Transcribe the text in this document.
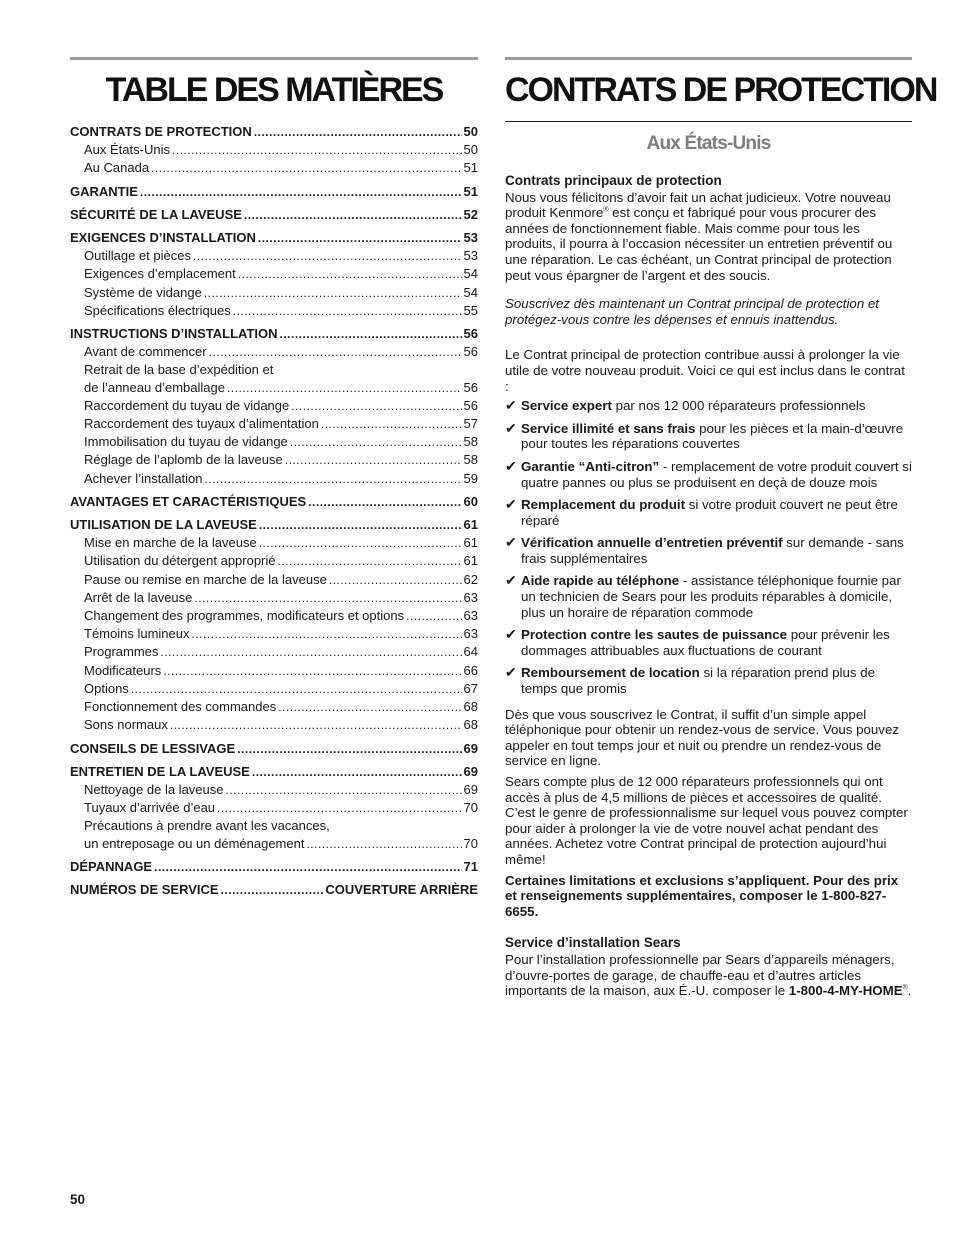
TABLE DES MATIÈRES
CONTRATS DE PROTECTION .....	50
Aux États-Unis .....	50
Au Canada .....	51
GARANTIE .....	51
SÉCURITÉ DE LA LAVEUSE .....	52
EXIGENCES D’INSTALLATION .....	53
Outillage et pièces .....	53
Exigences d’emplacement .....	54
Système de vidange .....	54
Spécifications électriques .....	55
INSTRUCTIONS D’INSTALLATION .....	56
Avant de commencer .....	56
Retrait de la base d’expédition et
de l’anneau d’emballage .....	56
Raccordement du tuyau de vidange .....	56
Raccordement des tuyaux d’alimentation .....	57
Immobilisation du tuyau de vidange .....	58
Réglage de l’aplomb de la laveuse .....	58
Achever l’installation .....	59
AVANTAGES ET CARACTÉRISTIQUES .....	60
UTILISATION DE LA LAVEUSE .....	61
Mise en marche de la laveuse .....	61
Utilisation du détergent approprié .....	61
Pause ou remise en marche de la laveuse .....	62
Arrêt de la laveuse .....	63
Changement des programmes, modificateurs et options .....	63
Témoins lumineux .....	63
Programmes .....	64
Modificateurs .....	66
Options .....	67
Fonctionnement des commandes .....	68
Sons normaux .....	68
CONSEILS DE LESSIVAGE .....	69
ENTRETIEN DE LA LAVEUSE .....	69
Nettoyage de la laveuse .....	69
Tuyaux d’arrivée d’eau .....	70
Précautions à prendre avant les vacances,
un entreposage ou un déménagement .....	70
DÉPANNAGE .....	71
NUMÉROS DE SERVICE .....	COUVERTURE ARRIÈRE
CONTRATS DE PROTECTION
Aux États-Unis
Contrats principaux de protection

Nous vous félicitons d’avoir fait un achat judicieux. Votre nouveau produit Kenmore® est conçu et fabriqué pour vous procurer des années de fonctionnement fiable. Mais comme pour tous les produits, il pourra à l’occasion nécessiter un entretien préventif ou une réparation. Le cas échéant, un Contrat principal de protection peut vous épargner de l’argent et des soucis.

Souscrivez dès maintenant un Contrat principal de protection et protégez-vous contre les dépenses et ennuis inattendus.

Le Contrat principal de protection contribue aussi à prolonger la vie utile de votre nouveau produit. Voici ce qui est inclus dans le contrat :

✔ Service expert par nos 12 000 réparateurs professionnels
✔ Service illimité et sans frais pour les pièces et la main-d’œuvre pour toutes les réparations couvertes
✔ Garantie “Anti-citron” - remplacement de votre produit couvert si quatre pannes ou plus se produisent en deçà de douze mois
✔ Remplacement du produit si votre produit couvert ne peut être réparé
✔ Vérification annuelle d’entretien préventif sur demande - sans frais supplémentaires
✔ Aide rapide au téléphone - assistance téléphonique fournie par un technicien de Sears pour les produits réparables à domicile, plus un horaire de réparation commode
✔ Protection contre les sautes de puissance pour prévenir les dommages attribuables aux fluctuations de courant
✔ Remboursement de location si la réparation prend plus de temps que promis

Dès que vous souscrivez le Contrat, il suffit d’un simple appel téléphonique pour obtenir un rendez-vous de service. Vous pouvez appeler en tout temps jour et nuit ou prendre un rendez-vous de service en ligne.

Sears compte plus de 12 000 réparateurs professionnels qui ont accès à plus de 4,5 millions de pièces et accessoires de qualité. C’est le genre de professionnalisme sur lequel vous pouvez compter pour aider à prolonger la vie de votre nouvel achat pendant des années. Achetez votre Contrat principal de protection aujourd’hui même!

Certaines limitations et exclusions s’appliquent. Pour des prix et renseignements supplémentaires, composer le 1-800-827-6655.

Service d’installation Sears

Pour l’installation professionnelle par Sears d’appareils ménagers, d’ouvre-portes de garage, de chauffe-eau et d’autres articles importants de la maison, aux É.-U. composer le 1-800-4-MY-HOME®.

50
